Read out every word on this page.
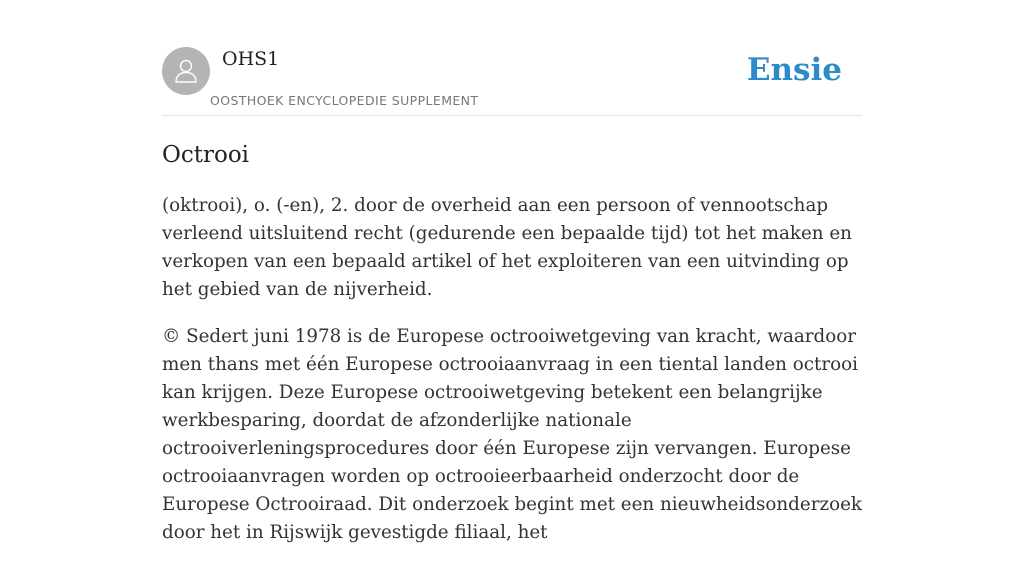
OHS1
OOSTHOEK ENCYCLOPEDIE SUPPLEMENT
Ensie
Octrooi

(oktrooi), o. (-en), 2. door de overheid aan een persoon of vennootschap verleend uitsluitend recht (gedurende een bepaalde tijd) tot het maken en verkopen van een bepaald artikel of het exploiteren van een uitvinding op het gebied van de nijverheid.

© Sedert juni 1978 is de Europese octrooiwetgeving van kracht, waardoor men thans met één Europese octrooiaanvraag in een tiental landen octrooi kan krijgen. Deze Europese octrooiwetgeving betekent een belangrijke werkbesparing, doordat de afzonderlijke nationale octrooiverleningsprocedures door één Europese zijn vervangen. Europese octrooiaanvragen worden op octrooieerbaarheid onderzocht door de Europese Octrooiraad. Dit onderzoek begint met een nieuwheidsonderzoek door het in Rijswijk gevestigde filiaal, het
